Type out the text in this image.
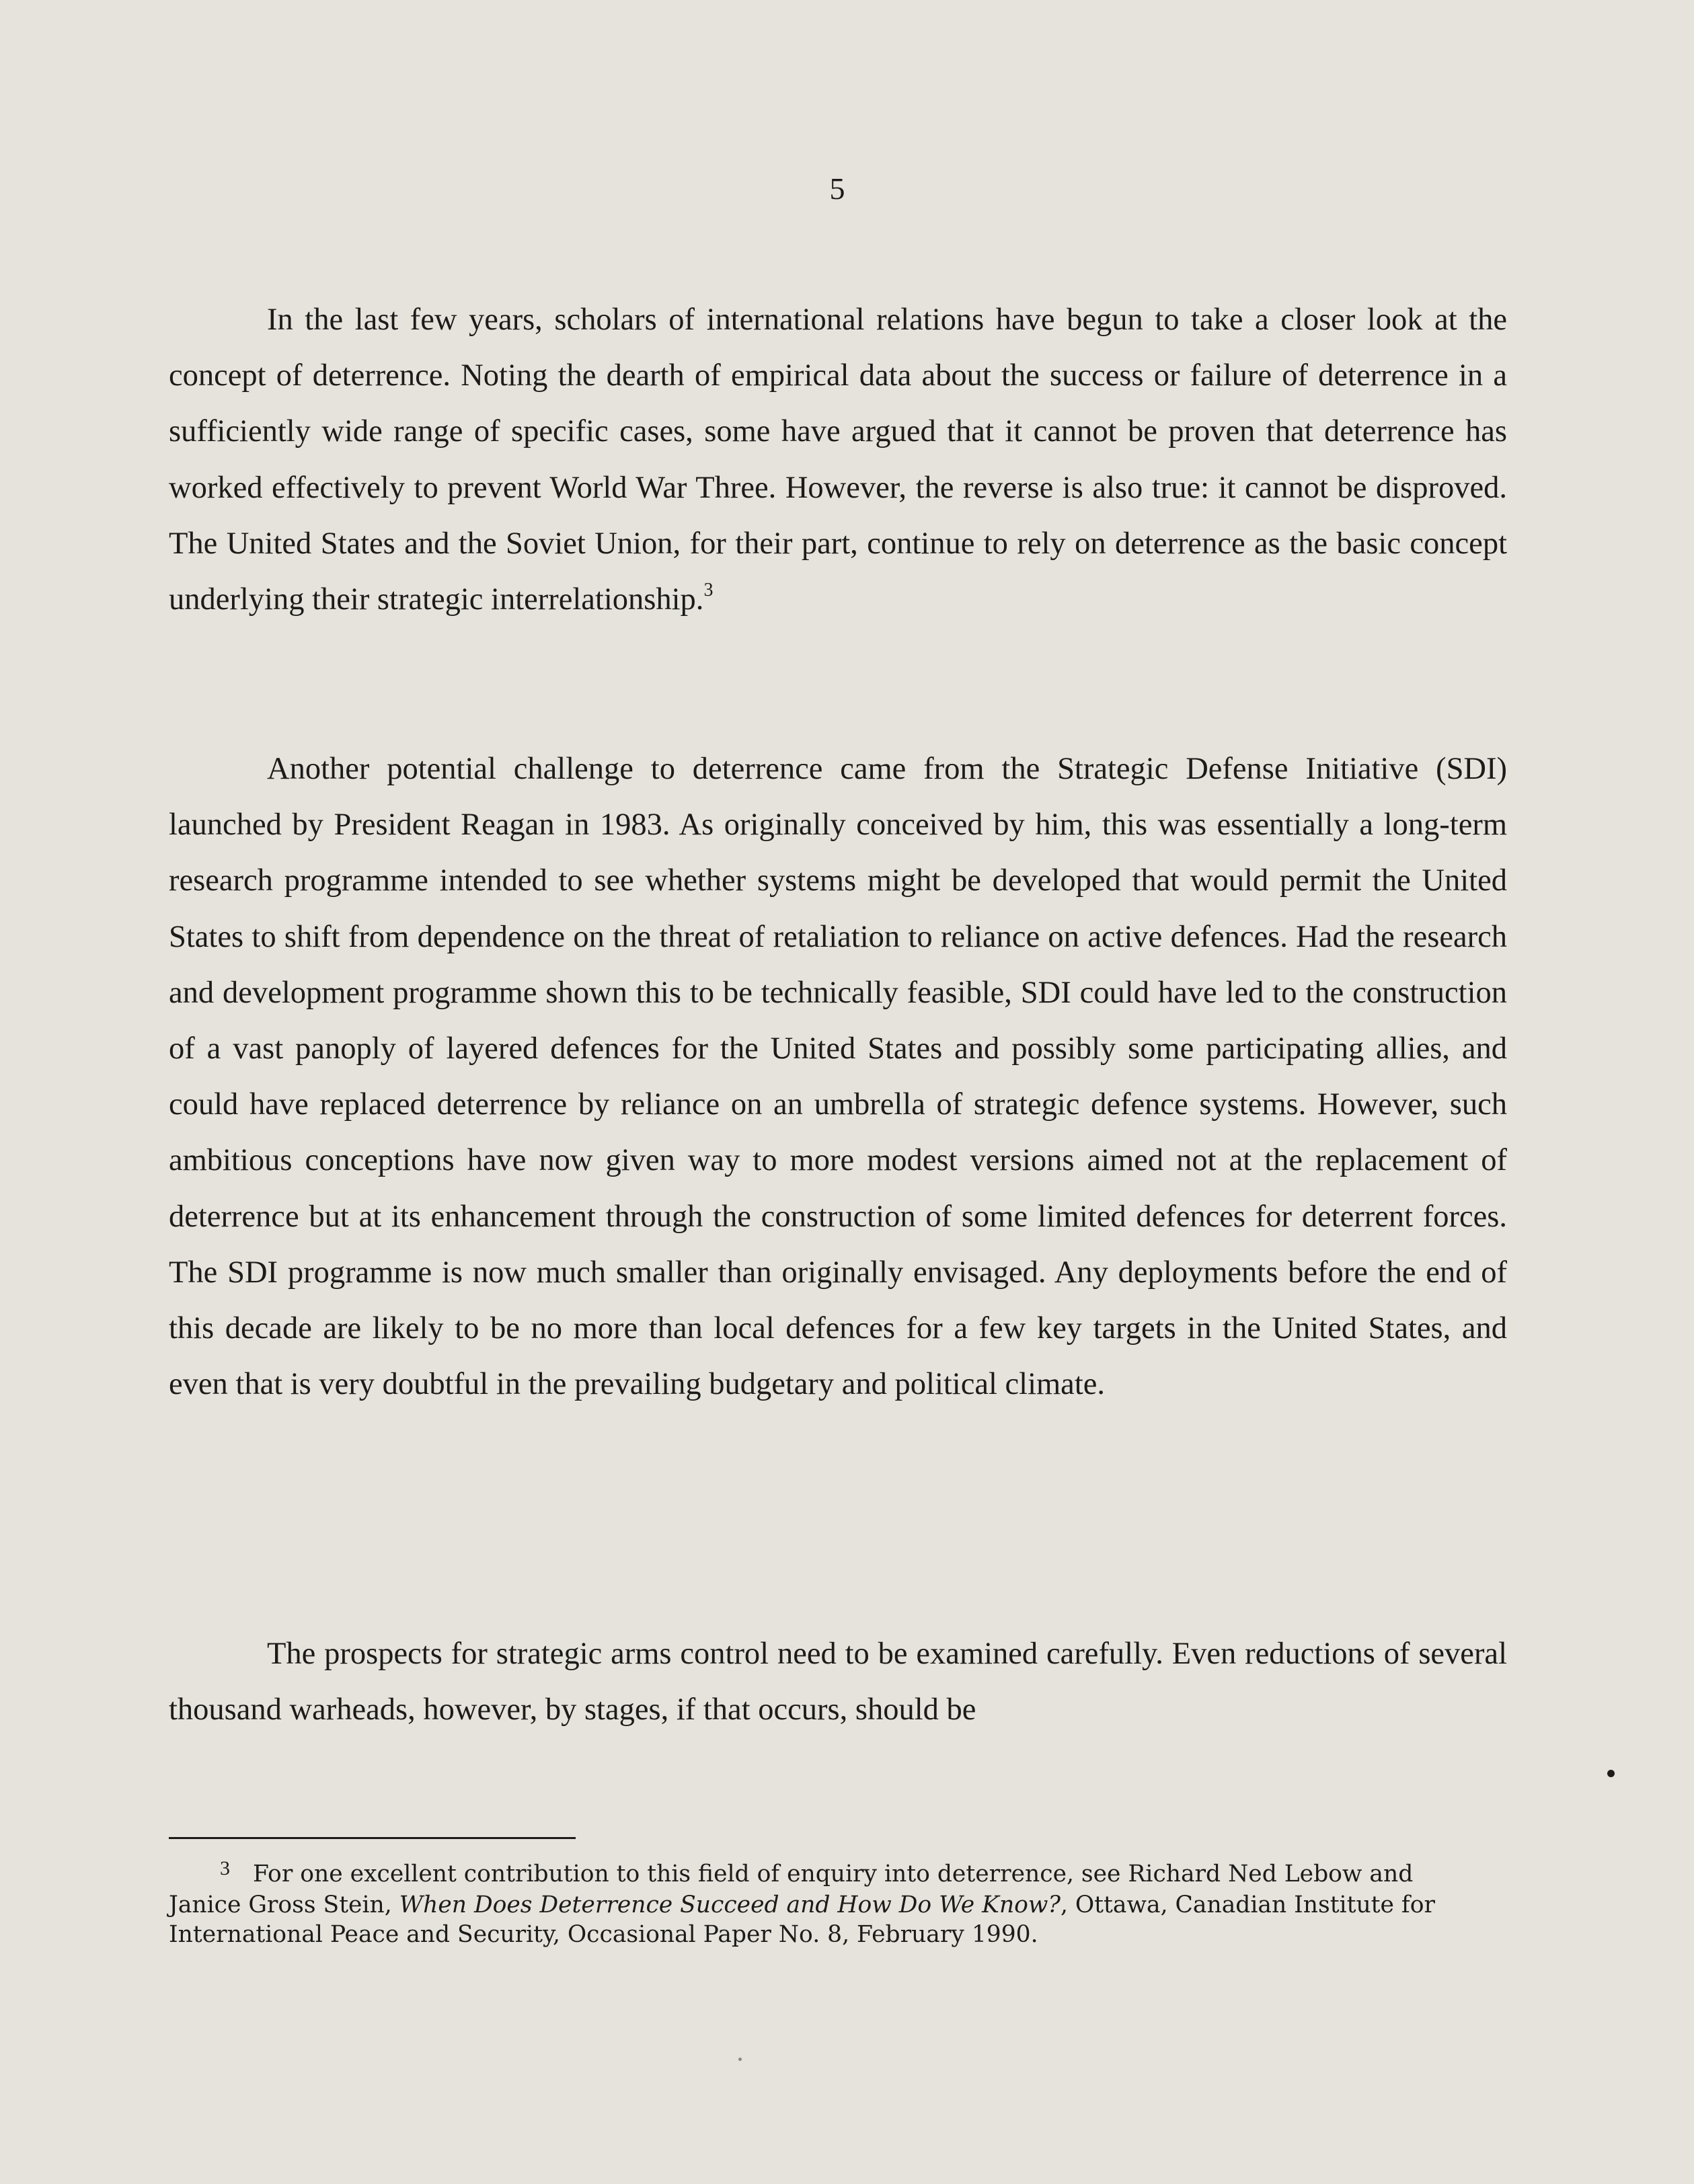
5

In the last few years, scholars of international relations have begun to take a closer look at the concept of deterrence. Noting the dearth of empirical data about the success or failure of deterrence in a sufficiently wide range of specific cases, some have argued that it cannot be proven that deterrence has worked effectively to prevent World War Three. However, the reverse is also true: it cannot be disproved. The United States and the Soviet Union, for their part, continue to rely on deterrence as the basic concept underlying their strategic interrelationship.$^3$

Another potential challenge to deterrence came from the Strategic Defense Initiative (SDI) launched by President Reagan in 1983. As originally conceived by him, this was essentially a long-term research programme intended to see whether systems might be developed that would permit the United States to shift from dependence on the threat of retaliation to reliance on active defences. Had the research and development programme shown this to be technically feasible, SDI could have led to the construction of a vast panoply of layered defences for the United States and possibly some participating allies, and could have replaced deterrence by reliance on an umbrella of strategic defence systems. However, such ambitious conceptions have now given way to more modest versions aimed not at the replacement of deterrence but at its enhancement through the construction of some limited defences for deterrent forces. The SDI programme is now much smaller than originally envisaged. Any deployments before the end of this decade are likely to be no more than local defences for a few key targets in the United States, and even that is very doubtful in the prevailing budgetary and political climate.

The prospects for strategic arms control need to be examined carefully. Even reductions of several thousand warheads, however, by stages, if that occurs, should be

3 For one excellent contribution to this field of enquiry into deterrence, see Richard Ned Lebow and Janice Gross Stein, When Does Deterrence Succeed and How Do We Know?, Ottawa, Canadian Institute for International Peace and Security, Occasional Paper No. 8, February 1990.
